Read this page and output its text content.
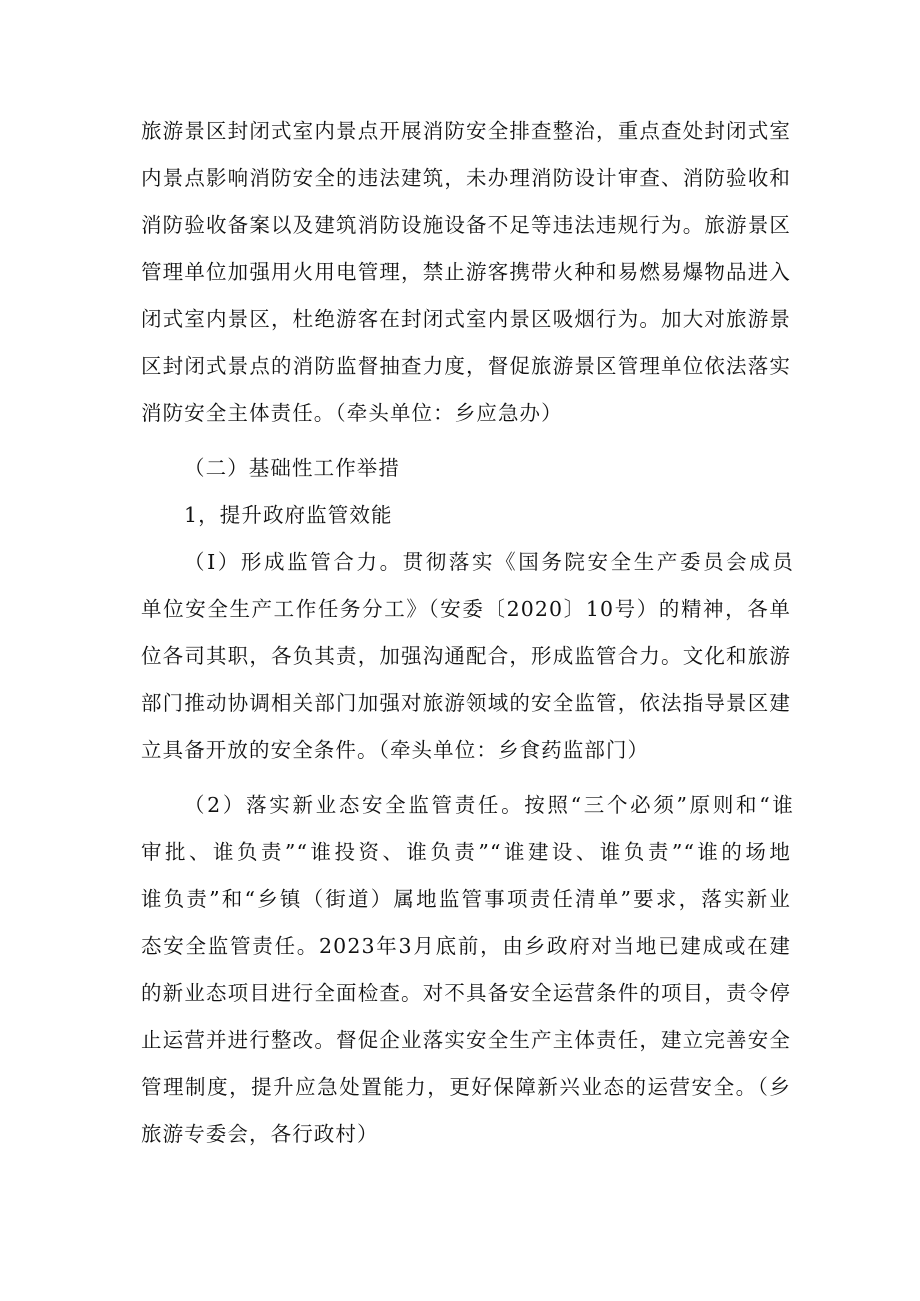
旅游景区封闭式室内景点开展消防安全排查整治，重点查处封闭式室
内景点影响消防安全的违法建筑，未办理消防设计审查、消防验收和
消防验收备案以及建筑消防设施设备不足等违法违规行为。旅游景区
管理单位加强用火用电管理，禁止游客携带火种和易燃易爆物品进入
闭式室内景区，杜绝游客在封闭式室内景区吸烟行为。加大对旅游景
区封闭式景点的消防监督抽查力度，督促旅游景区管理单位依法落实
消防安全主体责任。（牵头单位：乡应急办）
（二）基础性工作举措
1，提升政府监管效能
（I）形成监管合力。贯彻落实《国务院安全生产委员会成员
单位安全生产工作任务分工》（安委〔2020〕10号）的精神，各单
位各司其职，各负其责，加强沟通配合，形成监管合力。文化和旅游
部门推动协调相关部门加强对旅游领域的安全监管，依法指导景区建
立具备开放的安全条件。（牵头单位：乡食药监部门）
（2）落实新业态安全监管责任。按照“三个必须”原则和“谁
审批、谁负责”“谁投资、谁负责”“谁建设、谁负责”“谁的场地
谁负责”和“乡镇（街道）属地监管事项责任清单”要求，落实新业
态安全监管责任。2023年3月底前，由乡政府对当地已建成或在建
的新业态项目进行全面检查。对不具备安全运营条件的项目，责令停
止运营并进行整改。督促企业落实安全生产主体责任，建立完善安全
管理制度，提升应急处置能力，更好保障新兴业态的运营安全。（乡
旅游专委会，各行政村）
